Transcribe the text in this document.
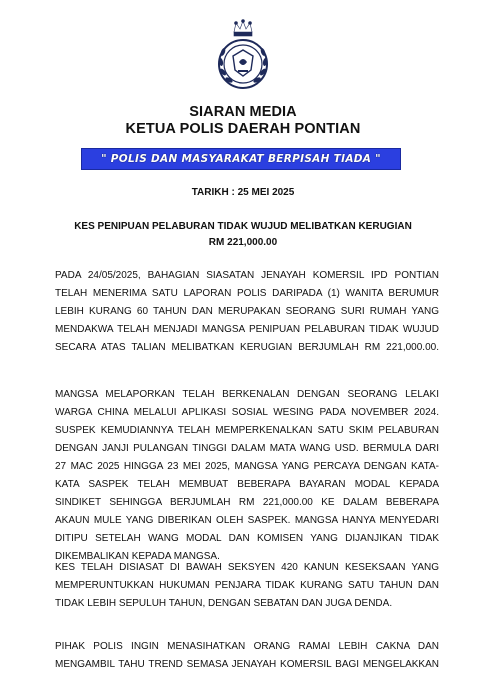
SIARAN MEDIA
KETUA POLIS DAERAH PONTIAN
" POLIS DAN MASYARAKAT BERPISAH TIADA "
TARIKH : 25 MEI 2025
KES PENIPUAN PELABURAN TIDAK WUJUD MELIBATKAN KERUGIAN
RM 221,000.00
PADA 24/05/2025, BAHAGIAN SIASATAN JENAYAH KOMERSIL IPD PONTIAN
TELAH MENERIMA SATU LAPORAN POLIS DARIPADA (1) WANITA BERUMUR
LEBIH KURANG 60 TAHUN DAN MERUPAKAN SEORANG SURI RUMAH YANG
MENDAKWA TELAH MENJADI MANGSA PENIPUAN PELABURAN TIDAK WUJUD
SECARA ATAS TALIAN MELIBATKAN KERUGIAN BERJUMLAH RM 221,000.00.
MANGSA MELAPORKAN TELAH BERKENALAN DENGAN SEORANG LELAKI
WARGA CHINA MELALUI APLIKASI SOSIAL WESING PADA NOVEMBER 2024.
SUSPEK KEMUDIANNYA TELAH MEMPERKENALKAN SATU SKIM PELABURAN
DENGAN JANJI PULANGAN TINGGI DALAM MATA WANG USD. BERMULA DARI
27 MAC 2025 HINGGA 23 MEI 2025, MANGSA YANG PERCAYA DENGAN KATA-
KATA SASPEK TELAH MEMBUAT BEBERAPA BAYARAN MODAL KEPADA
SINDIKET SEHINGGA BERJUMLAH RM 221,000.00 KE DALAM BEBERAPA
AKAUN MULE YANG DIBERIKAN OLEH SASPEK. MANGSA HANYA MENYEDARI
DITIPU SETELAH WANG MODAL DAN KOMISEN YANG DIJANJIKAN TIDAK
DIKEMBALIKAN KEPADA MANGSA.
KES TELAH DISIASAT DI BAWAH SEKSYEN 420 KANUN KESEKSAAN YANG
MEMPERUNTUKKAN HUKUMAN PENJARA TIDAK KURANG SATU TAHUN DAN
TIDAK LEBIH SEPULUH TAHUN, DENGAN SEBATAN DAN JUGA DENDA.
PIHAK POLIS INGIN MENASIHATKAN ORANG RAMAI LEBIH CAKNA DAN
MENGAMBIL TAHU TREND SEMASA JENAYAH KOMERSIL BAGI MENGELAKKAN
